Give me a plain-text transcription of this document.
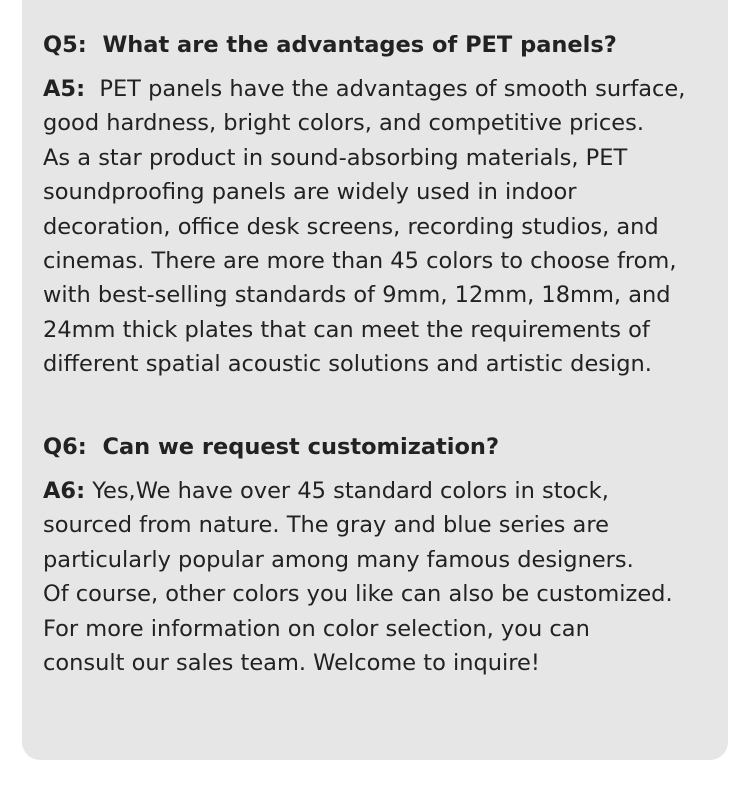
Q5: What are the advantages of PET panels?

A5: PET panels have the advantages of smooth surface,
good hardness, bright colors, and competitive prices.
As a star product in sound-absorbing materials, PET
soundproofing panels are widely used in indoor
decoration, office desk screens, recording studios, and
cinemas. There are more than 45 colors to choose from,
with best-selling standards of 9mm, 12mm, 18mm, and
24mm thick plates that can meet the requirements of
different spatial acoustic solutions and artistic design.

Q6: Can we request customization?

A6: Yes,We have over 45 standard colors in stock,
sourced from nature. The gray and blue series are
particularly popular among many famous designers.
Of course, other colors you like can also be customized.
For more information on color selection, you can
consult our sales team. Welcome to inquire!
